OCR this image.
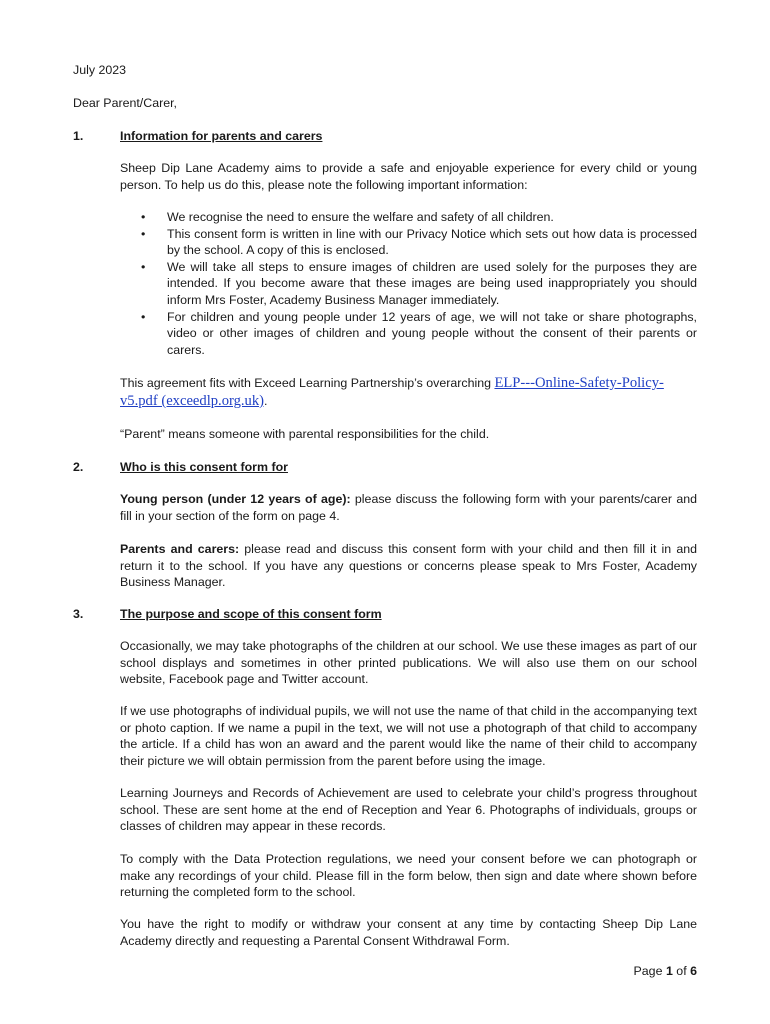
July 2023
Dear Parent/Carer,
1.	Information for parents and carers
Sheep Dip Lane Academy aims to provide a safe and enjoyable experience for every child or young person. To help us do this, please note the following important information:
• We recognise the need to ensure the welfare and safety of all children.
• This consent form is written in line with our Privacy Notice which sets out how data is processed by the school. A copy of this is enclosed.
• We will take all steps to ensure images of children are used solely for the purposes they are intended. If you become aware that these images are being used inappropriately you should inform Mrs Foster, Academy Business Manager immediately.
• For children and young people under 12 years of age, we will not take or share photographs, video or other images of children and young people without the consent of their parents or carers.
This agreement fits with Exceed Learning Partnership’s overarching ELP---Online-Safety-Policy-v5.pdf (exceedlp.org.uk).
“Parent” means someone with parental responsibilities for the child.
2.	Who is this consent form for
Young person (under 12 years of age): please discuss the following form with your parents/carer and fill in your section of the form on page 4.
Parents and carers: please read and discuss this consent form with your child and then fill it in and return it to the school. If you have any questions or concerns please speak to Mrs Foster, Academy Business Manager.
3.	The purpose and scope of this consent form
Occasionally, we may take photographs of the children at our school. We use these images as part of our school displays and sometimes in other printed publications. We will also use them on our school website, Facebook page and Twitter account.
If we use photographs of individual pupils, we will not use the name of that child in the accompanying text or photo caption. If we name a pupil in the text, we will not use a photograph of that child to accompany the article. If a child has won an award and the parent would like the name of their child to accompany their picture we will obtain permission from the parent before using the image.
Learning Journeys and Records of Achievement are used to celebrate your child’s progress throughout school. These are sent home at the end of Reception and Year 6. Photographs of individuals, groups or classes of children may appear in these records.
To comply with the Data Protection regulations, we need your consent before we can photograph or make any recordings of your child. Please fill in the form below, then sign and date where shown before returning the completed form to the school.
You have the right to modify or withdraw your consent at any time by contacting Sheep Dip Lane Academy directly and requesting a Parental Consent Withdrawal Form.
Page 1 of 6
